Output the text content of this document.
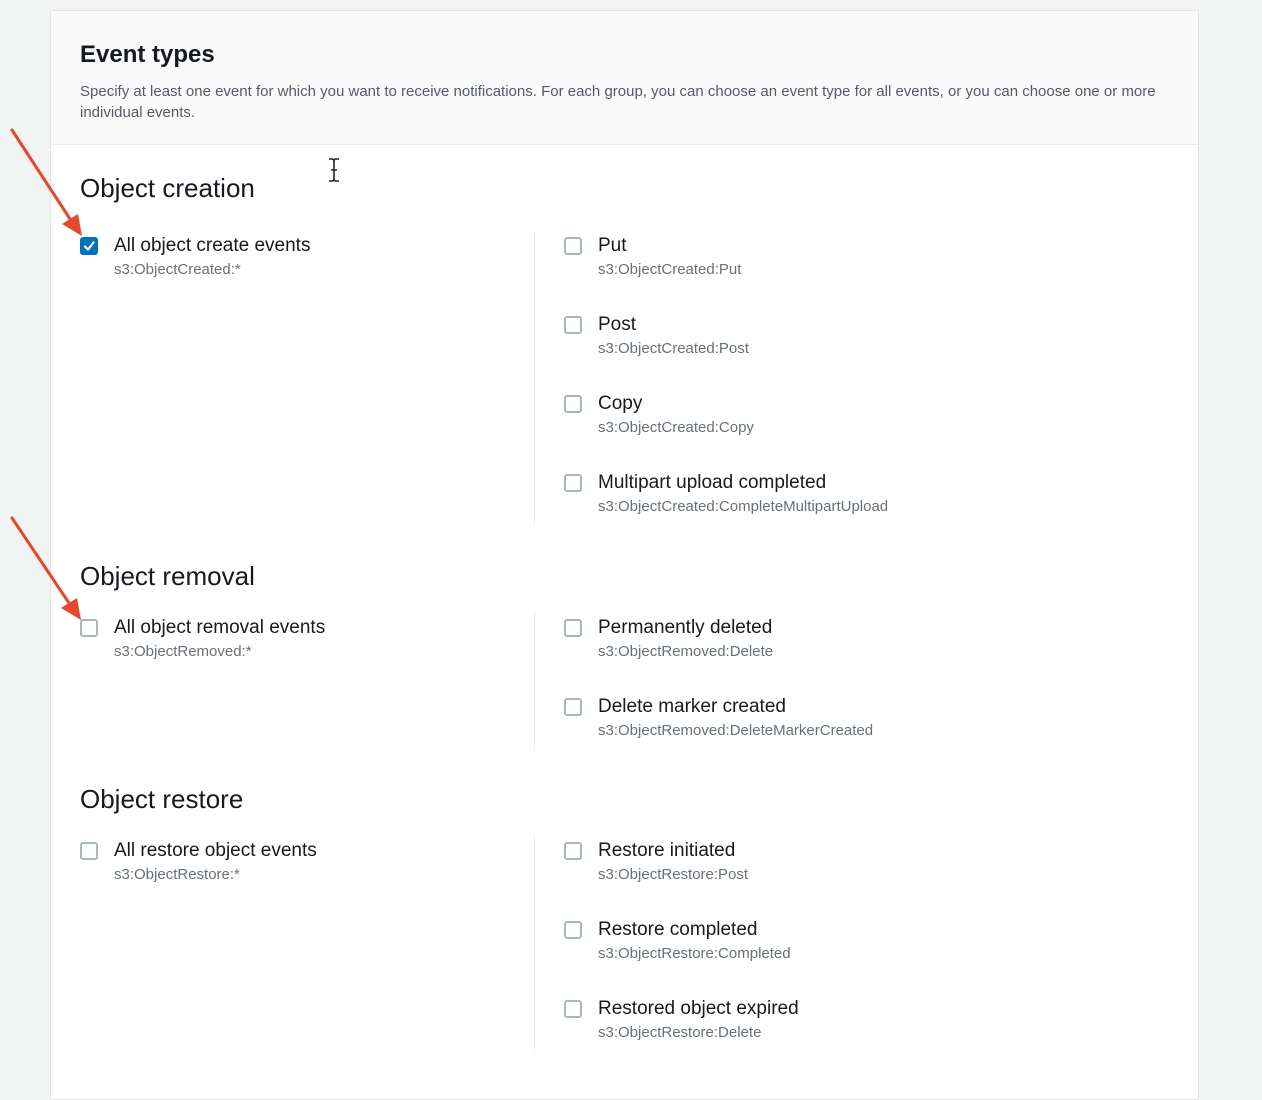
Event types
Specify at least one event for which you want to receive notifications. For each group, you can choose an event type for all events, or you can choose one or more individual events.
Object creation
All object create events
s3:ObjectCreated:*
Put
s3:ObjectCreated:Put
Post
s3:ObjectCreated:Post
Copy
s3:ObjectCreated:Copy
Multipart upload completed
s3:ObjectCreated:CompleteMultipartUpload
Object removal
All object removal events
s3:ObjectRemoved:*
Permanently deleted
s3:ObjectRemoved:Delete
Delete marker created
s3:ObjectRemoved:DeleteMarkerCreated
Object restore
All restore object events
s3:ObjectRestore:*
Restore initiated
s3:ObjectRestore:Post
Restore completed
s3:ObjectRestore:Completed
Restored object expired
s3:ObjectRestore:Delete
